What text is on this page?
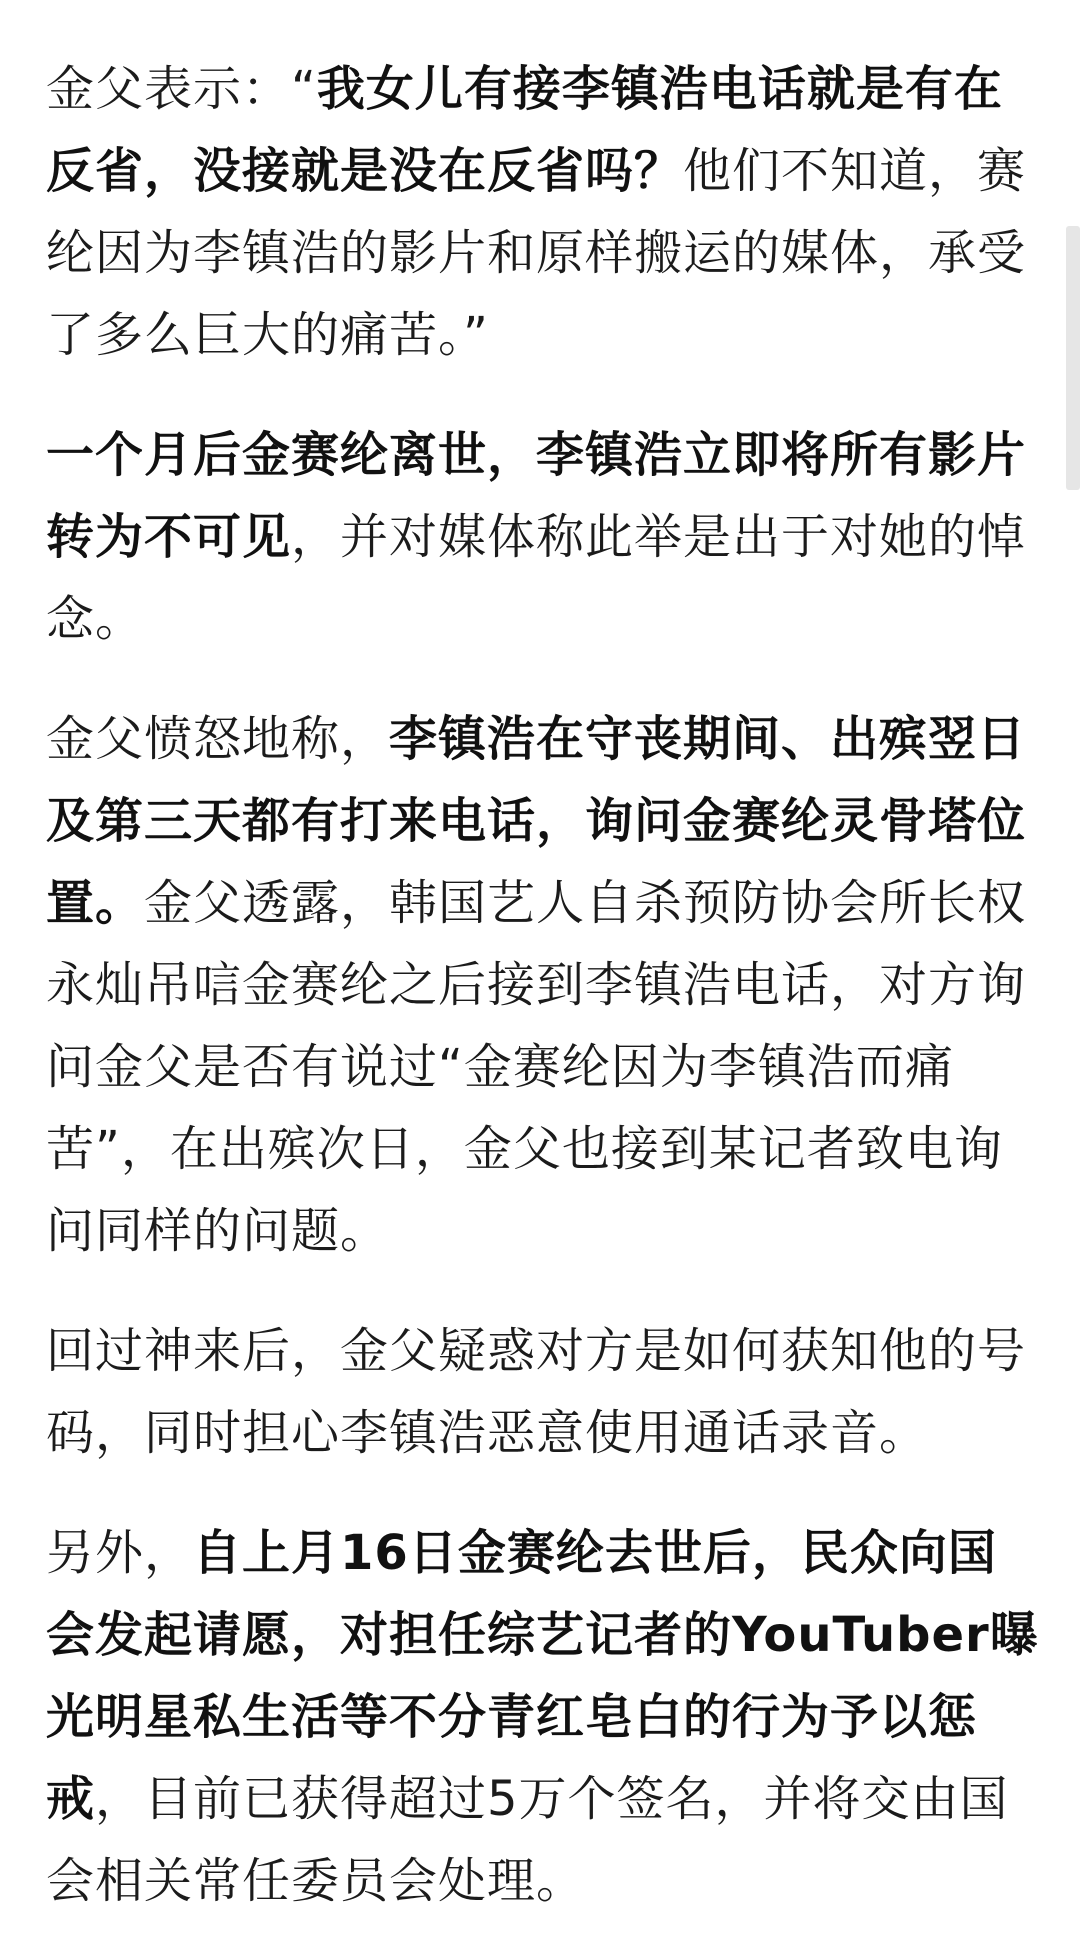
金父表示：“我女儿有接李镇浩电话就是有在反省，没接就是没在反省吗？他们不知道，赛纶因为李镇浩的影片和原样搬运的媒体，承受了多么巨大的痛苦。”

一个月后金赛纶离世，李镇浩立即将所有影片转为不可见，并对媒体称此举是出于对她的悼念。

金父愤怒地称，李镇浩在守丧期间、出殡翌日及第三天都有打来电话，询问金赛纶灵骨塔位置。金父透露，韩国艺人自杀预防协会所长权永灿吊唁金赛纶之后接到李镇浩电话，对方询问金父是否有说过“金赛纶因为李镇浩而痛苦”，在出殡次日，金父也接到某记者致电询问同样的问题。

回过神来后，金父疑惑对方是如何获知他的号码，同时担心李镇浩恶意使用通话录音。

另外，自上月16日金赛纶去世后，民众向国会发起请愿，对担任综艺记者的YouTuber曝光明星私生活等不分青红皂白的行为予以惩戒，目前已获得超过5万个签名，并将交由国会相关常任委员会处理。
